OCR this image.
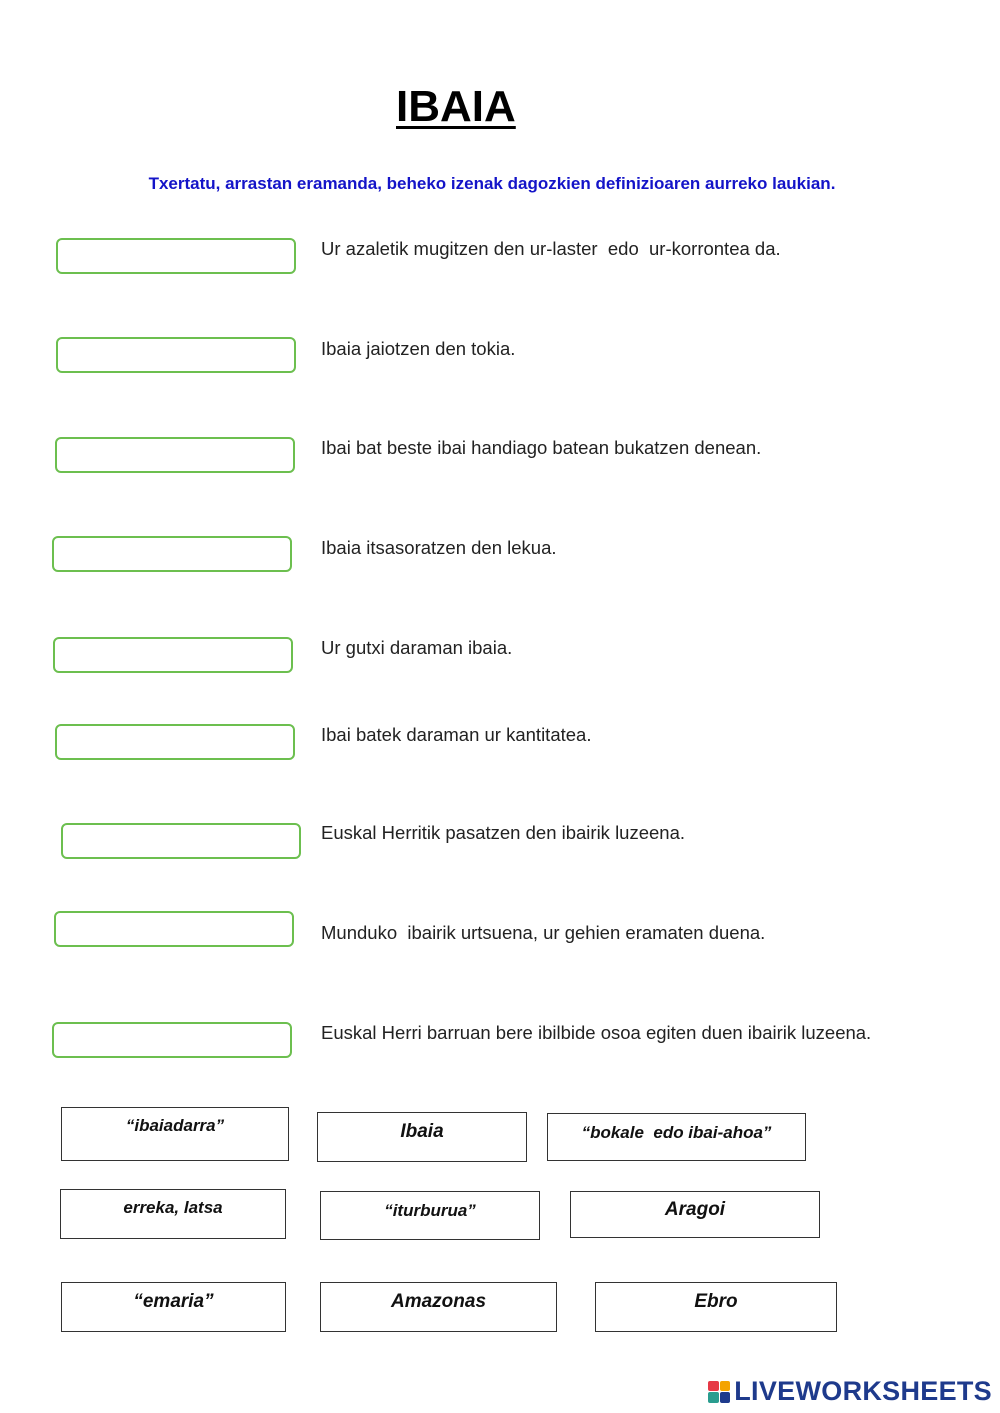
IBAIA
Txertatu, arrastan eramanda, beheko izenak dagozkien definizioaren aurreko laukian.
Ur azaletik mugitzen den ur-laster  edo  ur-korrontea da.
Ibaia jaiotzen den tokia.
Ibai bat beste ibai handiago batean bukatzen denean.
Ibaia itsasoratzen den lekua.
Ur gutxi daraman ibaia.
Ibai batek daraman ur kantitatea.
Euskal Herritik pasatzen den ibairik luzeena.
Munduko  ibairik urtsuena, ur gehien eramaten duena.
Euskal Herri barruan bere ibilbide osoa egiten duen ibairik luzeena.
“ibaiadarra”	Ibaia	“bokale  edo ibai-ahoa”
erreka, latsa	“iturburua”	Aragoi
“emaria”	Amazonas	Ebro
LIVEWORKSHEETS
